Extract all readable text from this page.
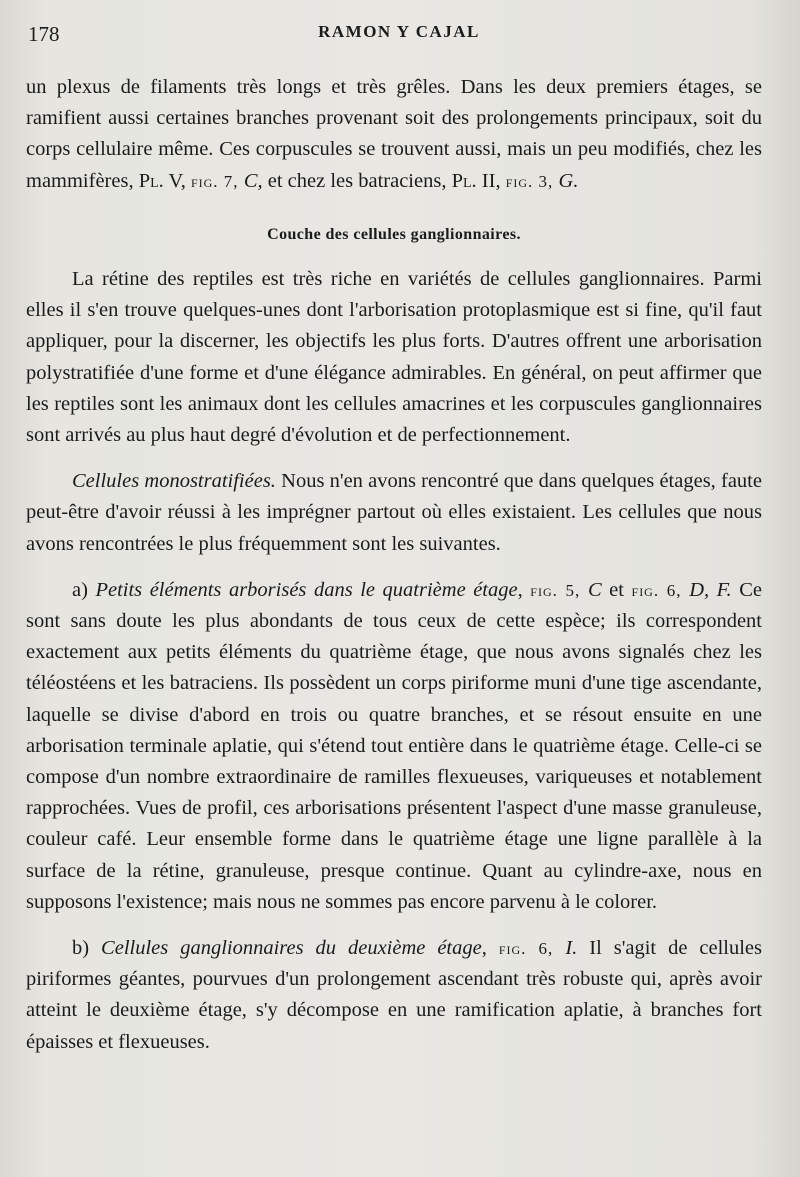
178	RAMON Y CAJAL

un plexus de filaments très longs et très grêles. Dans les deux premiers étages, se ramifient aussi certaines branches provenant soit des prolongements principaux, soit du corps cellulaire même. Ces corpuscules se trouvent aussi, mais un peu modifiés, chez les mammifères, Pl. V, fig. 7, C, et chez les batraciens, Pl. II, fig. 3, G.

Couche des cellules ganglionnaires.

La rétine des reptiles est très riche en variétés de cellules ganglionnaires. Parmi elles il s'en trouve quelques-unes dont l'arborisation protoplasmique est si fine, qu'il faut appliquer, pour la discerner, les objectifs les plus forts. D'autres offrent une arborisation polystratifiée d'une forme et d'une élégance admirables. En général, on peut affirmer que les reptiles sont les animaux dont les cellules amacrines et les corpuscules ganglionnaires sont arrivés au plus haut degré d'évolution et de perfectionnement.

Cellules monostratifiées. Nous n'en avons rencontré que dans quelques étages, faute peut-être d'avoir réussi à les imprégner partout où elles existaient. Les cellules que nous avons rencontrées le plus fréquemment sont les suivantes.

a) Petits éléments arborisés dans le quatrième étage, fig. 5, C et fig. 6, D, F. Ce sont sans doute les plus abondants de tous ceux de cette espèce; ils correspondent exactement aux petits éléments du quatrième étage, que nous avons signalés chez les téléostéens et les batraciens. Ils possèdent un corps piriforme muni d'une tige ascendante, laquelle se divise d'abord en trois ou quatre branches, et se résout ensuite en une arborisation terminale aplatie, qui s'étend tout entière dans le quatrième étage. Celle-ci se compose d'un nombre extraordinaire de ramilles flexueuses, variqueuses et notablement rapprochées. Vues de profil, ces arborisations présentent l'aspect d'une masse granuleuse, couleur café. Leur ensemble forme dans le quatrième étage une ligne parallèle à la surface de la rétine, granuleuse, presque continue. Quant au cylindre-axe, nous en supposons l'existence; mais nous ne sommes pas encore parvenu à le colorer.

b) Cellules ganglionnaires du deuxième étage, fig. 6, I. Il s'agit de cellules piriformes géantes, pourvues d'un prolongement ascendant très robuste qui, après avoir atteint le deuxième étage, s'y décompose en une ramification aplatie, à branches fort épaisses et flexueuses.
